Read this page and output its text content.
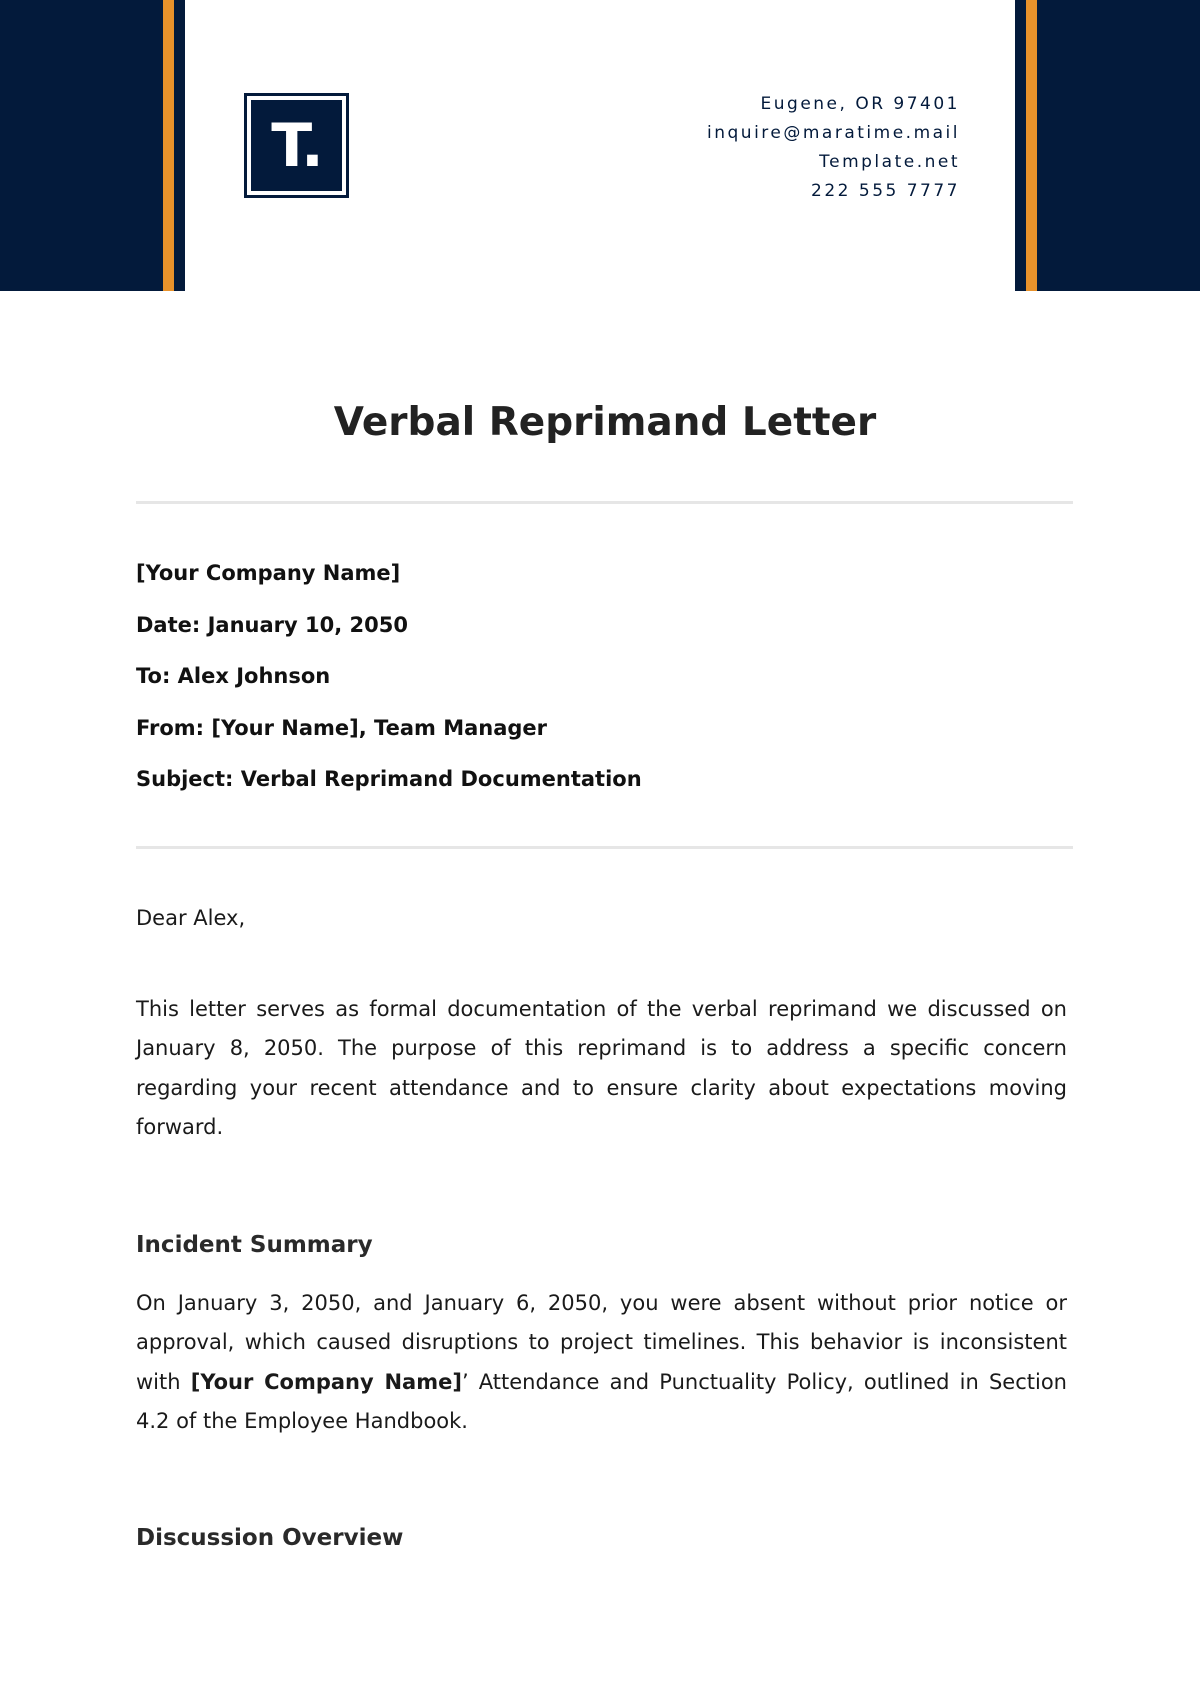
T.
Eugene, OR 97401
inquire@maratime.mail
Template.net
222 555 7777
Verbal Reprimand Letter
[Your Company Name]
Date: January 10, 2050
To: Alex Johnson
From: [Your Name], Team Manager
Subject: Verbal Reprimand Documentation

Dear Alex,

This letter serves as formal documentation of the verbal reprimand we discussed on January 8, 2050. The purpose of this reprimand is to address a specific concern regarding your recent attendance and to ensure clarity about expectations moving forward.

Incident Summary

On January 3, 2050, and January 6, 2050, you were absent without prior notice or approval, which caused disruptions to project timelines. This behavior is inconsistent with [Your Company Name]’ Attendance and Punctuality Policy, outlined in Section 4.2 of the Employee Handbook.

Discussion Overview
